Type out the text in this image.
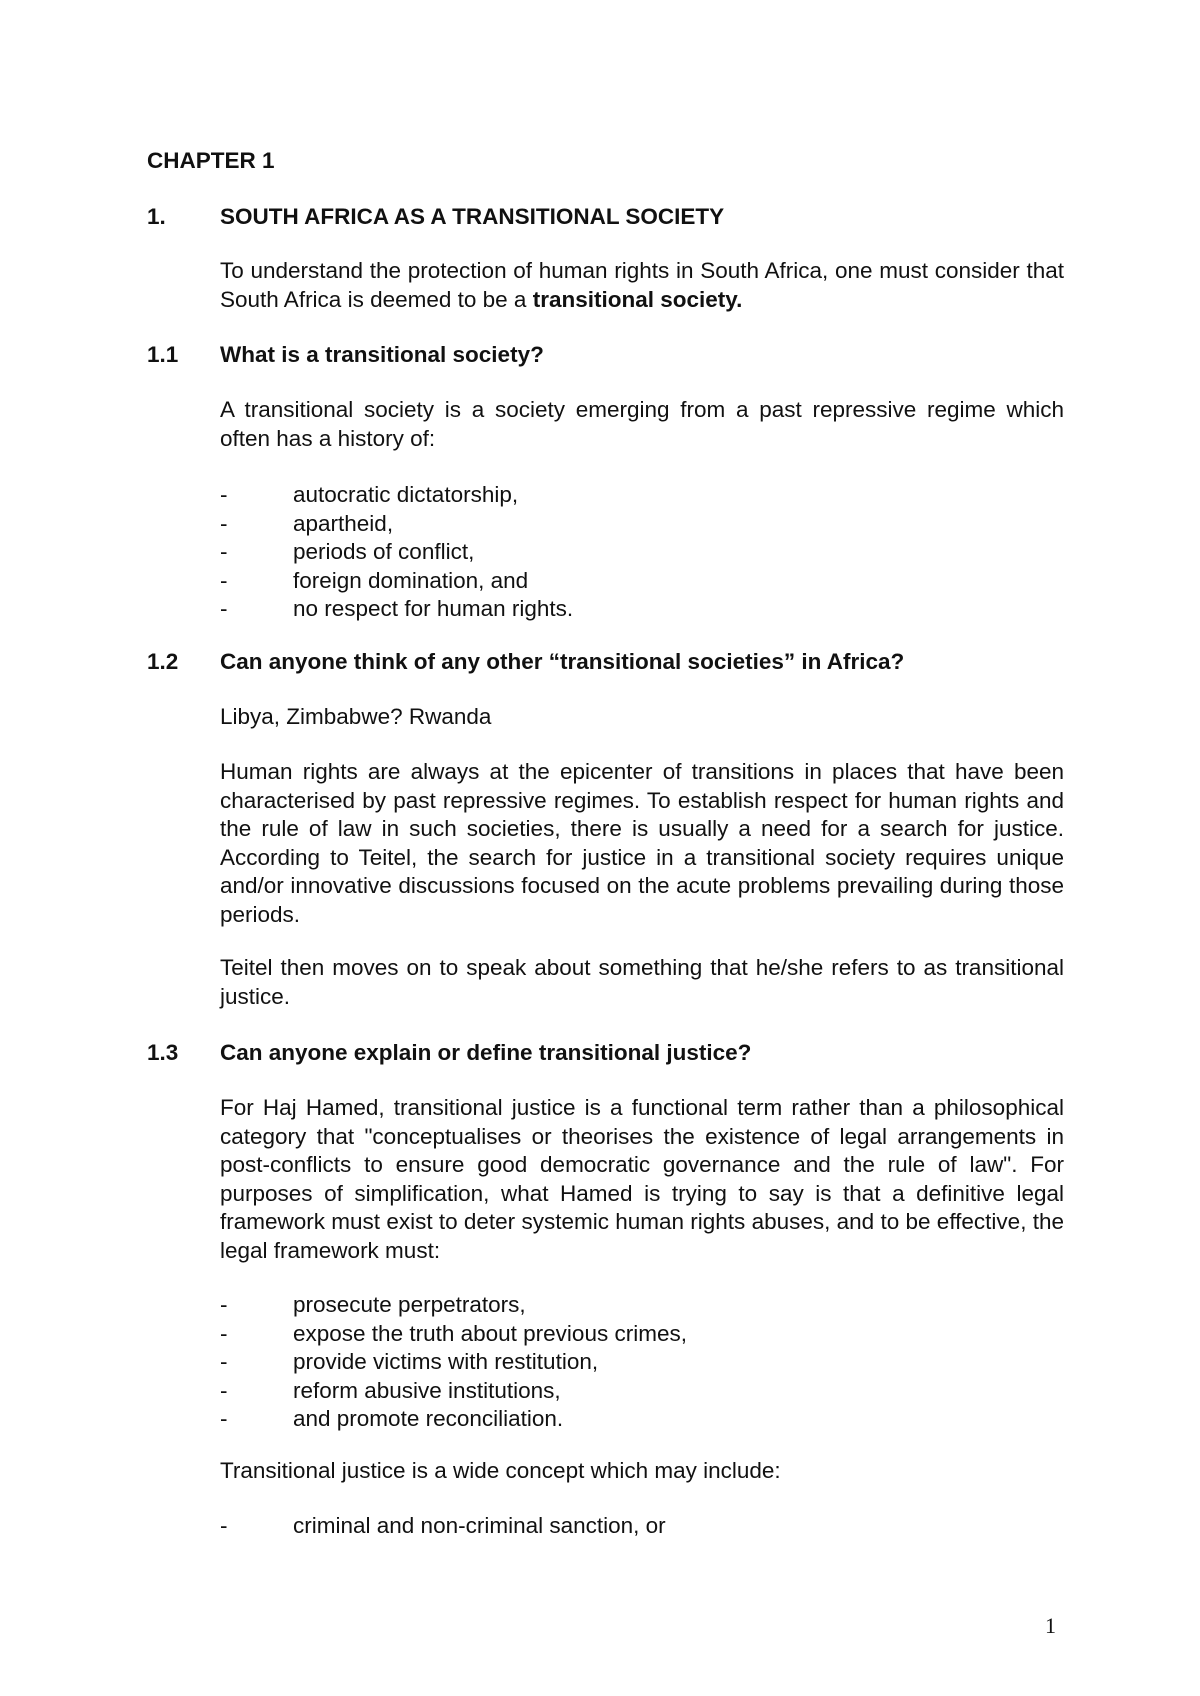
CHAPTER 1
1. SOUTH AFRICA AS A TRANSITIONAL SOCIETY

To understand the protection of human rights in South Africa, one must consider that South Africa is deemed to be a transitional society.

1.1 What is a transitional society?

A transitional society is a society emerging from a past repressive regime which often has a history of:

-	autocratic dictatorship,
-	apartheid,
-	periods of conflict,
-	foreign domination, and
-	no respect for human rights.
1.2 Can anyone think of any other “transitional societies” in Africa?

Libya, Zimbabwe? Rwanda

Human rights are always at the epicenter of transitions in places that have been characterised by past repressive regimes. To establish respect for human rights and the rule of law in such societies, there is usually a need for a search for justice. According to Teitel, the search for justice in a transitional society requires unique and/or innovative discussions focused on the acute problems prevailing during those periods.

Teitel then moves on to speak about something that he/she refers to as transitional justice.

1.3 Can anyone explain or define transitional justice?

For Haj Hamed, transitional justice is a functional term rather than a philosophical category that "conceptualises or theorises the existence of legal arrangements in post-conflicts to ensure good democratic governance and the rule of law". For purposes of simplification, what Hamed is trying to say is that a definitive legal framework must exist to deter systemic human rights abuses, and to be effective, the legal framework must:

-	prosecute perpetrators,
-	expose the truth about previous crimes,
-	provide victims with restitution,
-	reform abusive institutions,
-	and promote reconciliation.

Transitional justice is a wide concept which may include:

-	criminal and non-criminal sanction, or
1
